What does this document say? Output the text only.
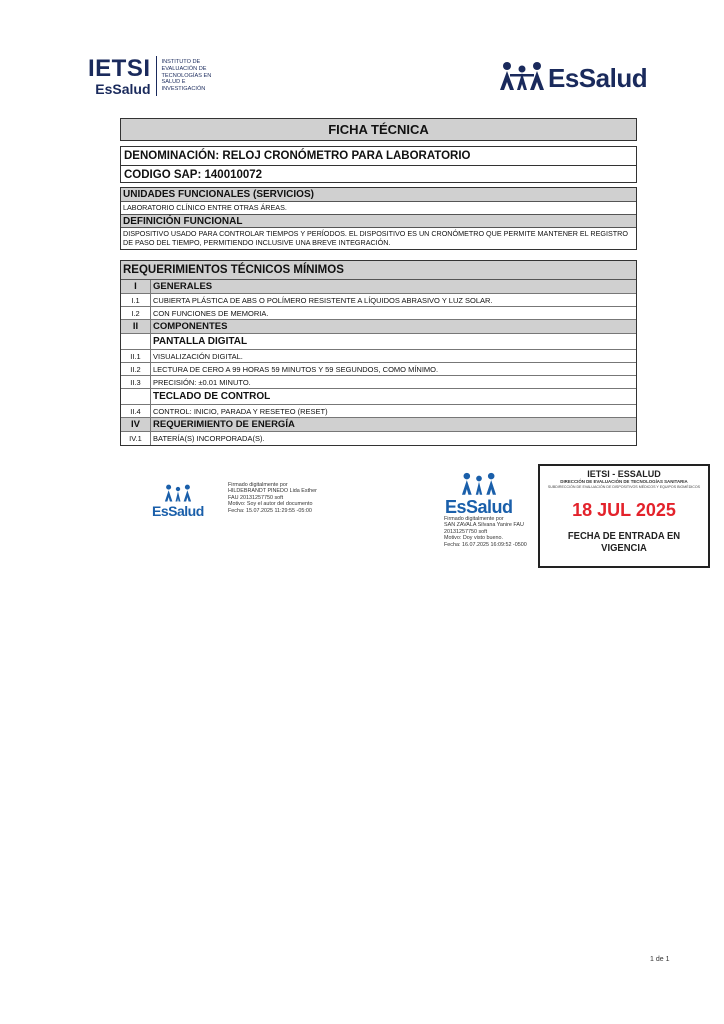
IETSI
EsSalud
INSTITUTO DE
EVALUACIÓN DE
TECNOLOGÍAS EN
SALUD E
INVESTIGACIÓN	EsSalud
FICHA TÉCNICA
DENOMINACIÓN: RELOJ CRONÓMETRO PARA LABORATORIO
CODIGO SAP: 140010072
UNIDADES FUNCIONALES (SERVICIOS)
LABORATORIO CLÍNICO ENTRE OTRAS ÁREAS.
DEFINICIÓN FUNCIONAL
DISPOSITIVO USADO PARA CONTROLAR TIEMPOS Y PERÍODOS. EL DISPOSITIVO ES UN CRONÓMETRO QUE PERMITE MANTENER EL REGISTRO DE PASO DEL TIEMPO, PERMITIENDO INCLUSIVE UNA BREVE INTEGRACIÓN.
REQUERIMIENTOS TÉCNICOS MÍNIMOS
I	GENERALES
I.1	CUBIERTA PLÁSTICA DE ABS O POLÍMERO RESISTENTE A LÍQUIDOS ABRASIVO Y LUZ SOLAR.
I.2	CON FUNCIONES DE MEMORIA.
II	COMPONENTES
PANTALLA DIGITAL
II.1	VISUALIZACIÓN DIGITAL.
II.2	LECTURA DE CERO A 99 HORAS 59 MINUTOS Y 59 SEGUNDOS, COMO MÍNIMO.
II.3	PRECISIÓN: ±0.01 MINUTO.
TECLADO DE CONTROL
II.4	CONTROL: INICIO, PARADA Y RESETEO (RESET)
IV	REQUERIMIENTO DE ENERGÍA
IV.1	BATERÍA(S) INCORPORADA(S).
EsSalud
Firmado digitalmente por
HILDEBRANDT PINEDO Lida Esther
FAU 20131257750 soft
Motivo: Soy el autor del documento
Fecha: 15.07.2025 11:29:55 -05:00	EsSalud
Firmado digitalmente por
SAN ZAVALA Silvana Yanire FAU
20131257750 soft
Motivo: Doy visto bueno.
Fecha: 16.07.2025 16:09:52 -0500
IETSI - ESSALUD
DIRECCIÓN DE EVALUACIÓN DE TECNOLOGÍAS SANITARIA
SUBDIRECCIÓN DE EVALUACIÓN DE DISPOSITIVOS MÉDICOS Y EQUIPOS BIOMÉDICOS
18 JUL 2025
FECHA DE ENTRADA EN VIGENCIA
1 de 1
